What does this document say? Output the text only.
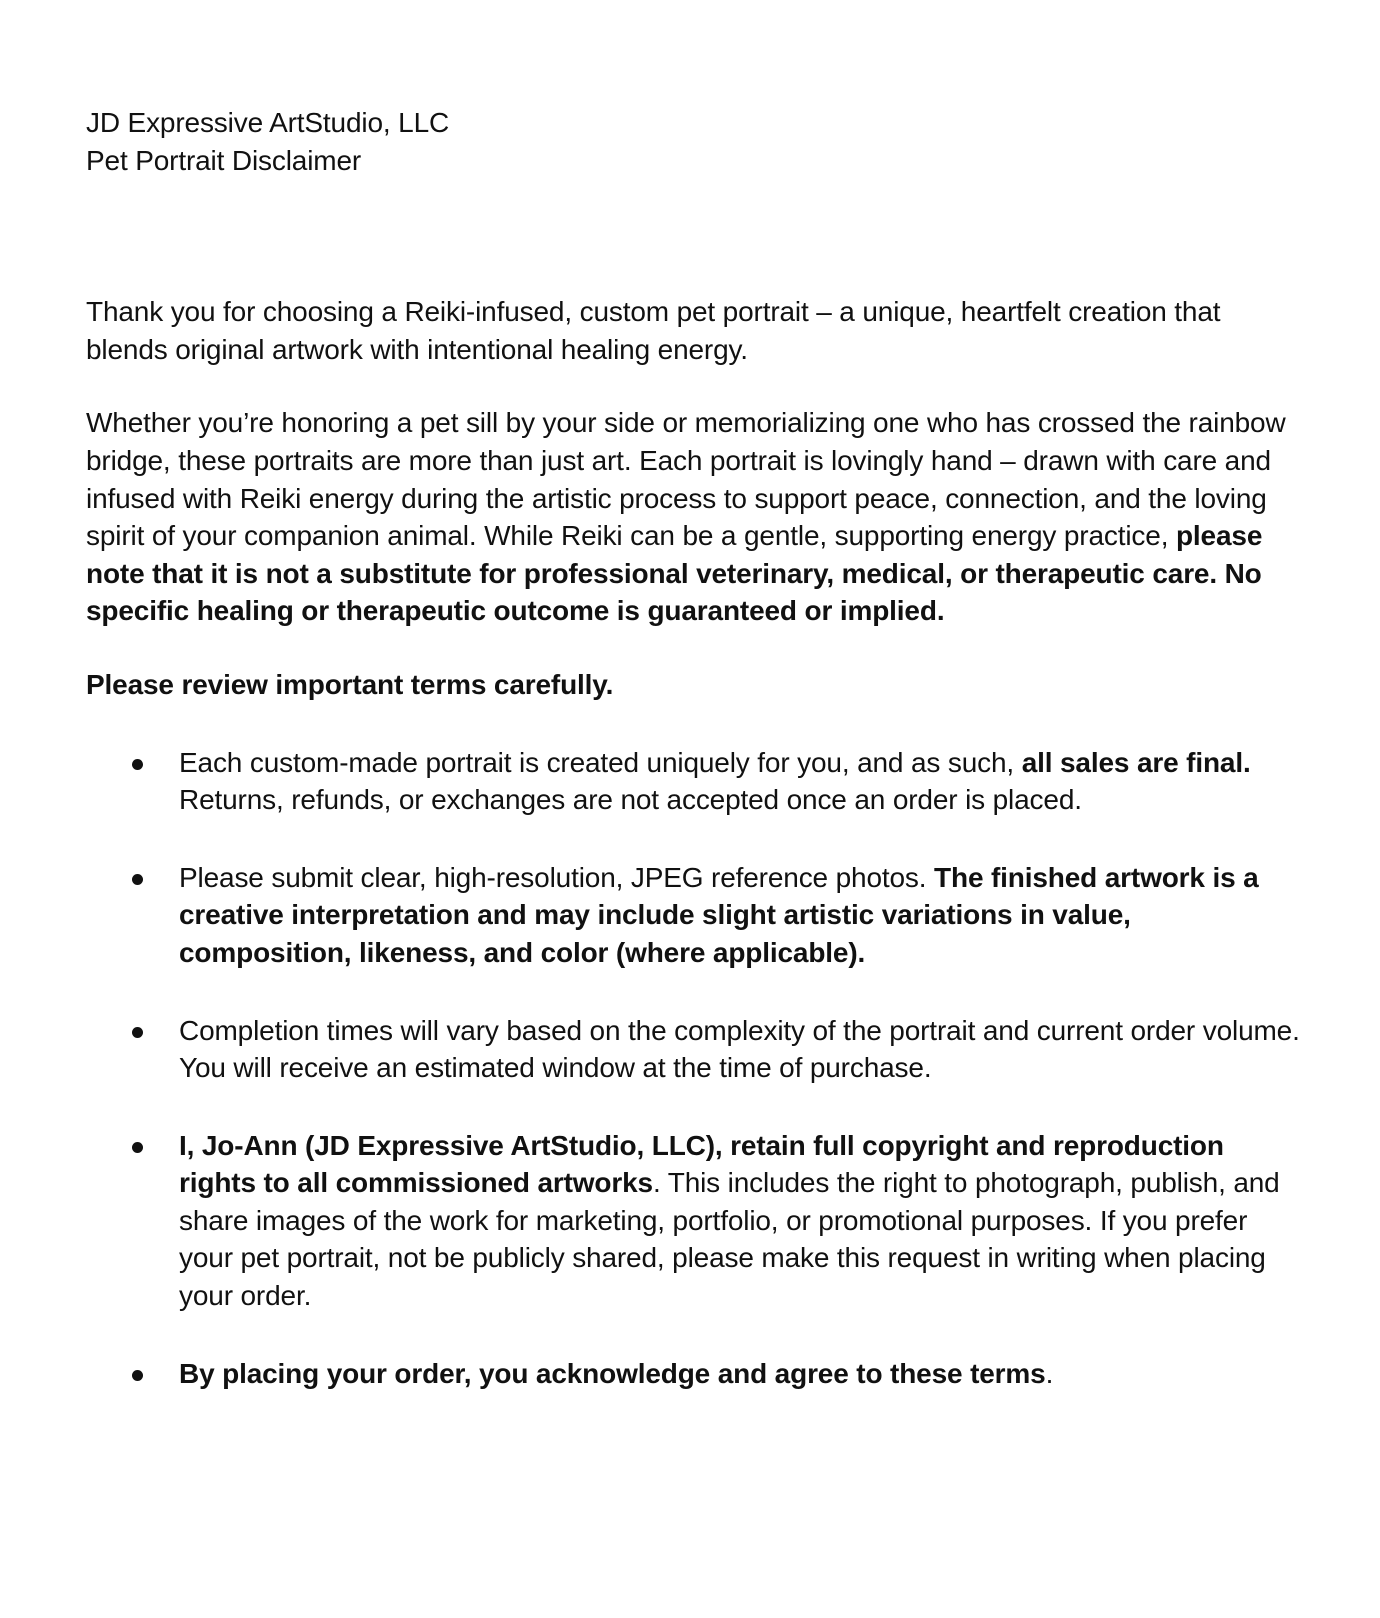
JD Expressive ArtStudio, LLC
Pet Portrait Disclaimer

Thank you for choosing a Reiki-infused, custom pet portrait – a unique, heartfelt creation that blends original artwork with intentional healing energy.

Whether you’re honoring a pet sill by your side or memorializing one who has crossed the rainbow bridge, these portraits are more than just art. Each portrait is lovingly hand – drawn with care and infused with Reiki energy during the artistic process to support peace, connection, and the loving spirit of your companion animal. While Reiki can be a gentle, supporting energy practice, please note that it is not a substitute for professional veterinary, medical, or therapeutic care. No specific healing or therapeutic outcome is guaranteed or implied.

Please review important terms carefully.

Each custom-made portrait is created uniquely for you, and as such, all sales are final.  Returns, refunds, or exchanges are not accepted once an order is placed.
Please submit clear, high-resolution, JPEG reference photos. The finished artwork is a creative interpretation and may include slight artistic variations in value, composition, likeness, and color (where applicable).
Completion times will vary based on the complexity of the portrait and current order volume. You will receive an estimated window at the time of purchase.
I, Jo-Ann (JD Expressive ArtStudio, LLC), retain full copyright and reproduction rights to all commissioned artworks. This includes the right to photograph, publish, and share images of the work for marketing, portfolio, or promotional purposes. If you prefer your pet portrait, not be publicly shared, please make this request in writing when placing your order.
By placing your order, you acknowledge and agree to these terms.
